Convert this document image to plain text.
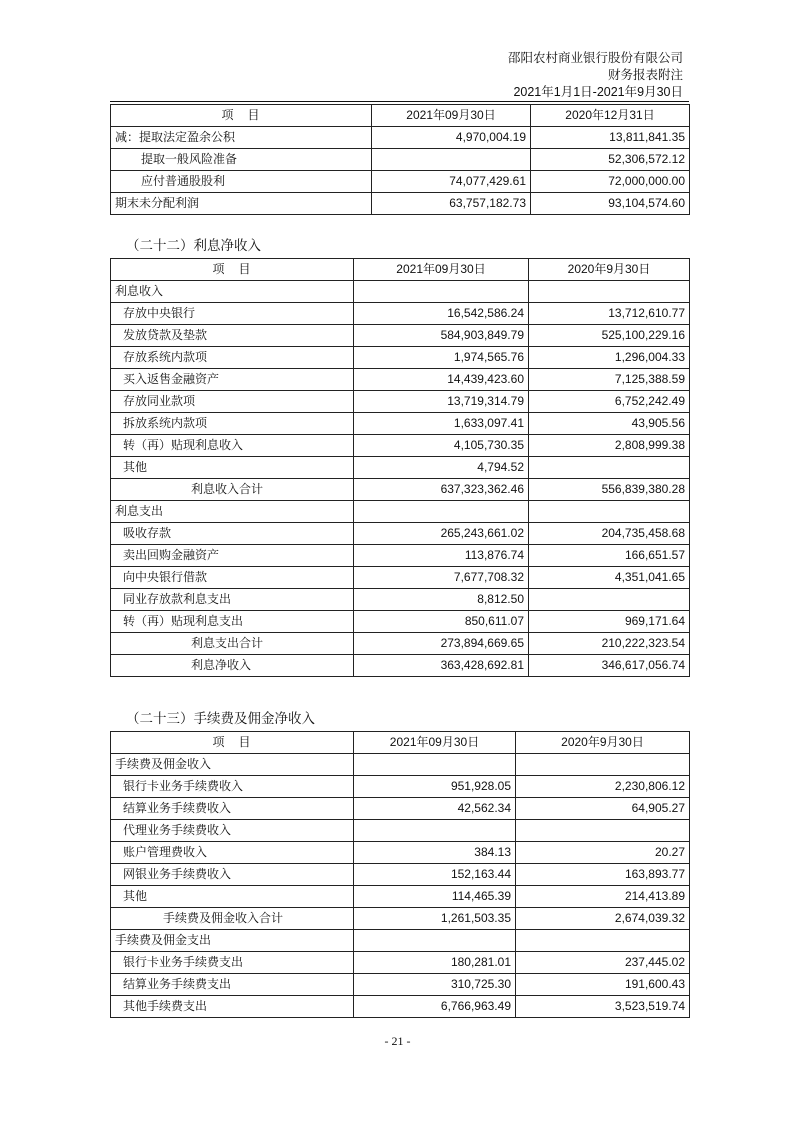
邵阳农村商业银行股份有限公司
财务报表附注
2021年1月1日-2021年9月30日
项　目	2021年09月30日	2020年12月31日
减：提取法定盈余公积	4,970,004.19	13,811,841.35
提取一般风险准备		52,306,572.12
应付普通股股利	74,077,429.61	72,000,000.00
期末未分配利润	63,757,182.73	93,104,574.60
（二十二）利息净收入
项　目	2021年09月30日	2020年9月30日
利息收入		
存放中央银行	16,542,586.24	13,712,610.77
发放贷款及垫款	584,903,849.79	525,100,229.16
存放系统内款项	1,974,565.76	1,296,004.33
买入返售金融资产	14,439,423.60	7,125,388.59
存放同业款项	13,719,314.79	6,752,242.49
拆放系统内款项	1,633,097.41	43,905.56
转（再）贴现利息收入	4,105,730.35	2,808,999.38
其他	4,794.52	
利息收入合计	637,323,362.46	556,839,380.28
利息支出		
吸收存款	265,243,661.02	204,735,458.68
卖出回购金融资产	113,876.74	166,651.57
向中央银行借款	7,677,708.32	4,351,041.65
同业存放款利息支出	8,812.50	
转（再）贴现利息支出	850,611.07	969,171.64
利息支出合计	273,894,669.65	210,222,323.54
利息净收入	363,428,692.81	346,617,056.74
（二十三）手续费及佣金净收入
项　目	2021年09月30日	2020年9月30日
手续费及佣金收入		
银行卡业务手续费收入	951,928.05	2,230,806.12
结算业务手续费收入	42,562.34	64,905.27
代理业务手续费收入		
账户管理费收入	384.13	20.27
网银业务手续费收入	152,163.44	163,893.77
其他	114,465.39	214,413.89
手续费及佣金收入合计	1,261,503.35	2,674,039.32
手续费及佣金支出		
银行卡业务手续费支出	180,281.01	237,445.02
结算业务手续费支出	310,725.30	191,600.43
其他手续费支出	6,766,963.49	3,523,519.74
- 21 -
